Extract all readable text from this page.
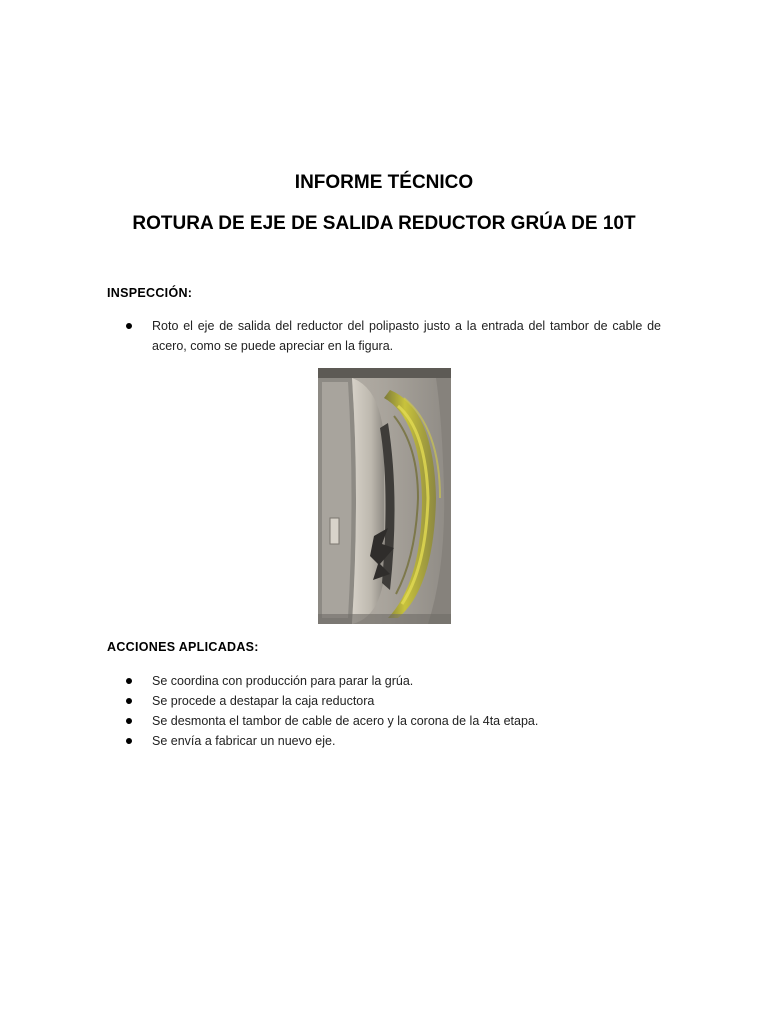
INFORME TÉCNICO
ROTURA DE EJE DE SALIDA REDUCTOR GRÚA DE 10T
INSPECCIÓN:
Roto el eje de salida del reductor del polipasto justo a la entrada del tambor de cable de acero, como se puede apreciar en la figura.
ACCIONES APLICADAS:
Se coordina con producción para parar la grúa.
Se procede a destapar la caja reductora
Se desmonta el tambor de cable de acero y la corona de la 4ta etapa.
Se envía a fabricar un nuevo eje.
